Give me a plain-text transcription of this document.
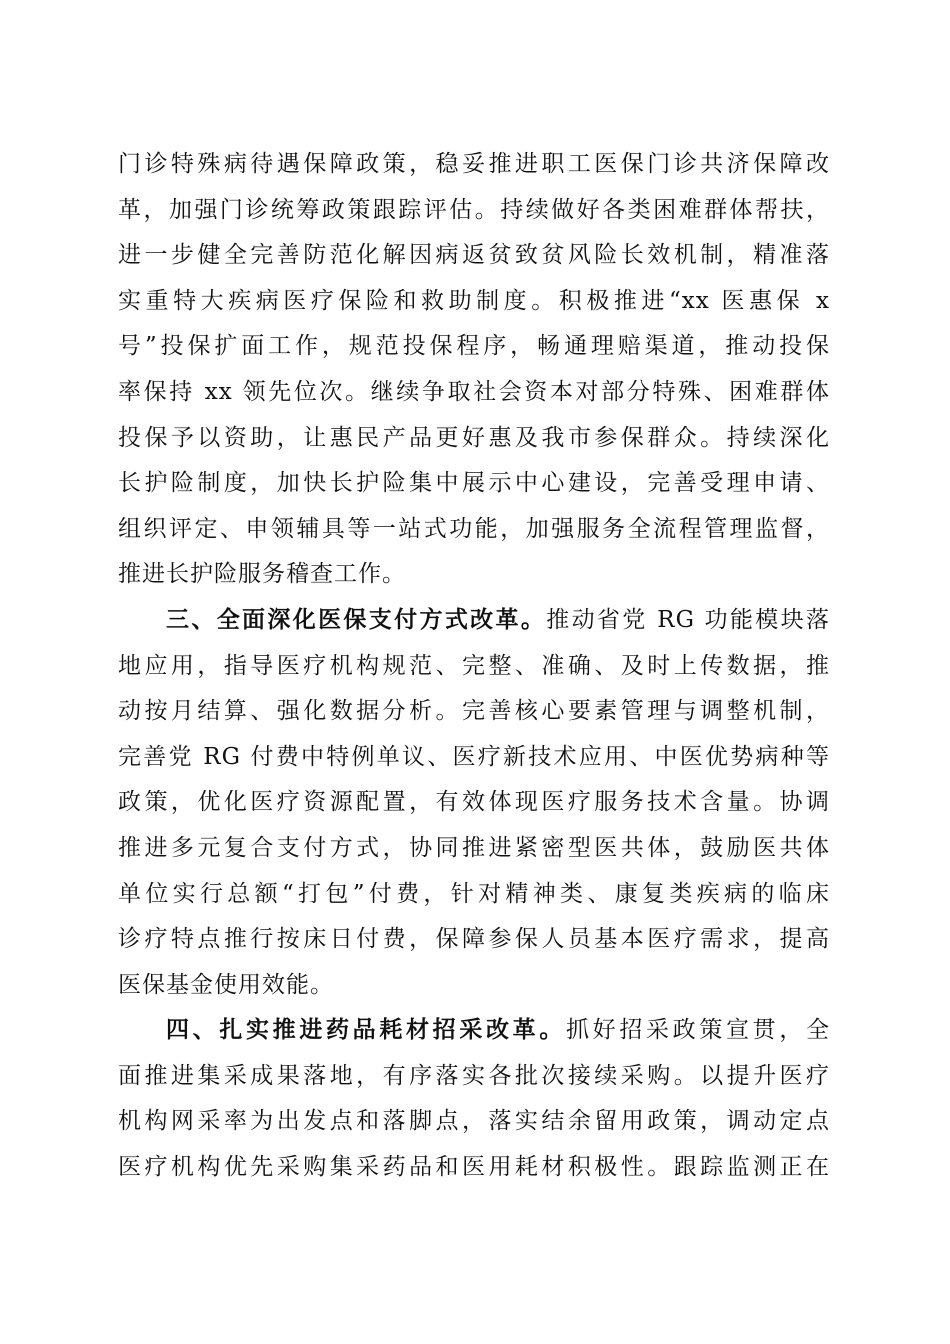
门诊特殊病待遇保障政策，稳妥推进职工医保门诊共济保障改
革，加强门诊统筹政策跟踪评估。持续做好各类困难群体帮扶，
进一步健全完善防范化解因病返贫致贫风险长效机制，精准落
实重特大疾病医疗保险和救助制度。积极推进“xx 医惠保 x
号”投保扩面工作，规范投保程序，畅通理赔渠道，推动投保
率保持 xx 领先位次。继续争取社会资本对部分特殊、困难群体
投保予以资助，让惠民产品更好惠及我市参保群众。持续深化
长护险制度，加快长护险集中展示中心建设，完善受理申请、
组织评定、申领辅具等一站式功能，加强服务全流程管理监督，
推进长护险服务稽查工作。
三、全面深化医保支付方式改革。推动省党 RG 功能模块落
地应用，指导医疗机构规范、完整、准确、及时上传数据，推
动按月结算、强化数据分析。完善核心要素管理与调整机制，
完善党 RG 付费中特例单议、医疗新技术应用、中医优势病种等
政策，优化医疗资源配置，有效体现医疗服务技术含量。协调
推进多元复合支付方式，协同推进紧密型医共体，鼓励医共体
单位实行总额“打包”付费，针对精神类、康复类疾病的临床
诊疗特点推行按床日付费，保障参保人员基本医疗需求，提高
医保基金使用效能。
四、扎实推进药品耗材招采改革。抓好招采政策宣贯，全
面推进集采成果落地，有序落实各批次接续采购。以提升医疗
机构网采率为出发点和落脚点，落实结余留用政策，调动定点
医疗机构优先采购集采药品和医用耗材积极性。跟踪监测正在
